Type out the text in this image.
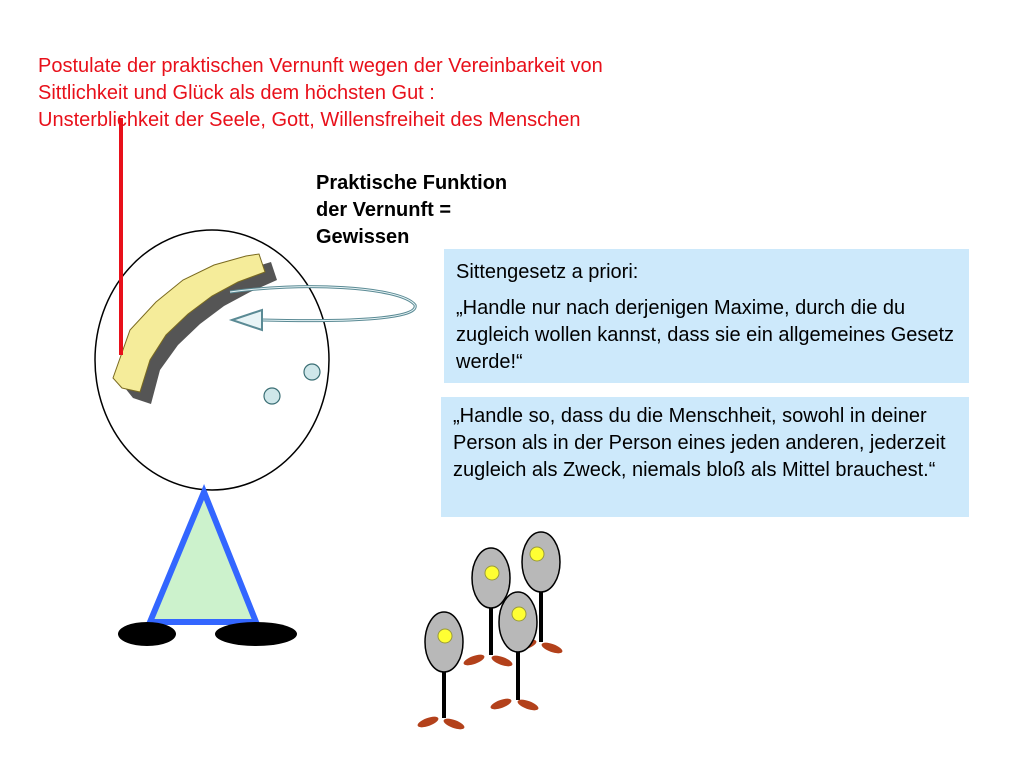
Postulate der praktischen Vernunft wegen der Vereinbarkeit von
Sittlichkeit und Glück als dem höchsten Gut :
Unsterblichkeit der Seele, Gott, Willensfreiheit des Menschen
Praktische Funktion
der Vernunft =
Gewissen

Sittengesetz a priori:

„Handle nur nach derjenigen Maxime, durch die du zugleich wollen kannst, dass sie ein allgemeines Gesetz werde!“

„Handle so, dass du die Menschheit, sowohl in deiner Person als in der Person eines jeden anderen, jederzeit zugleich als Zweck, niemals bloß als Mittel brauchest.“
